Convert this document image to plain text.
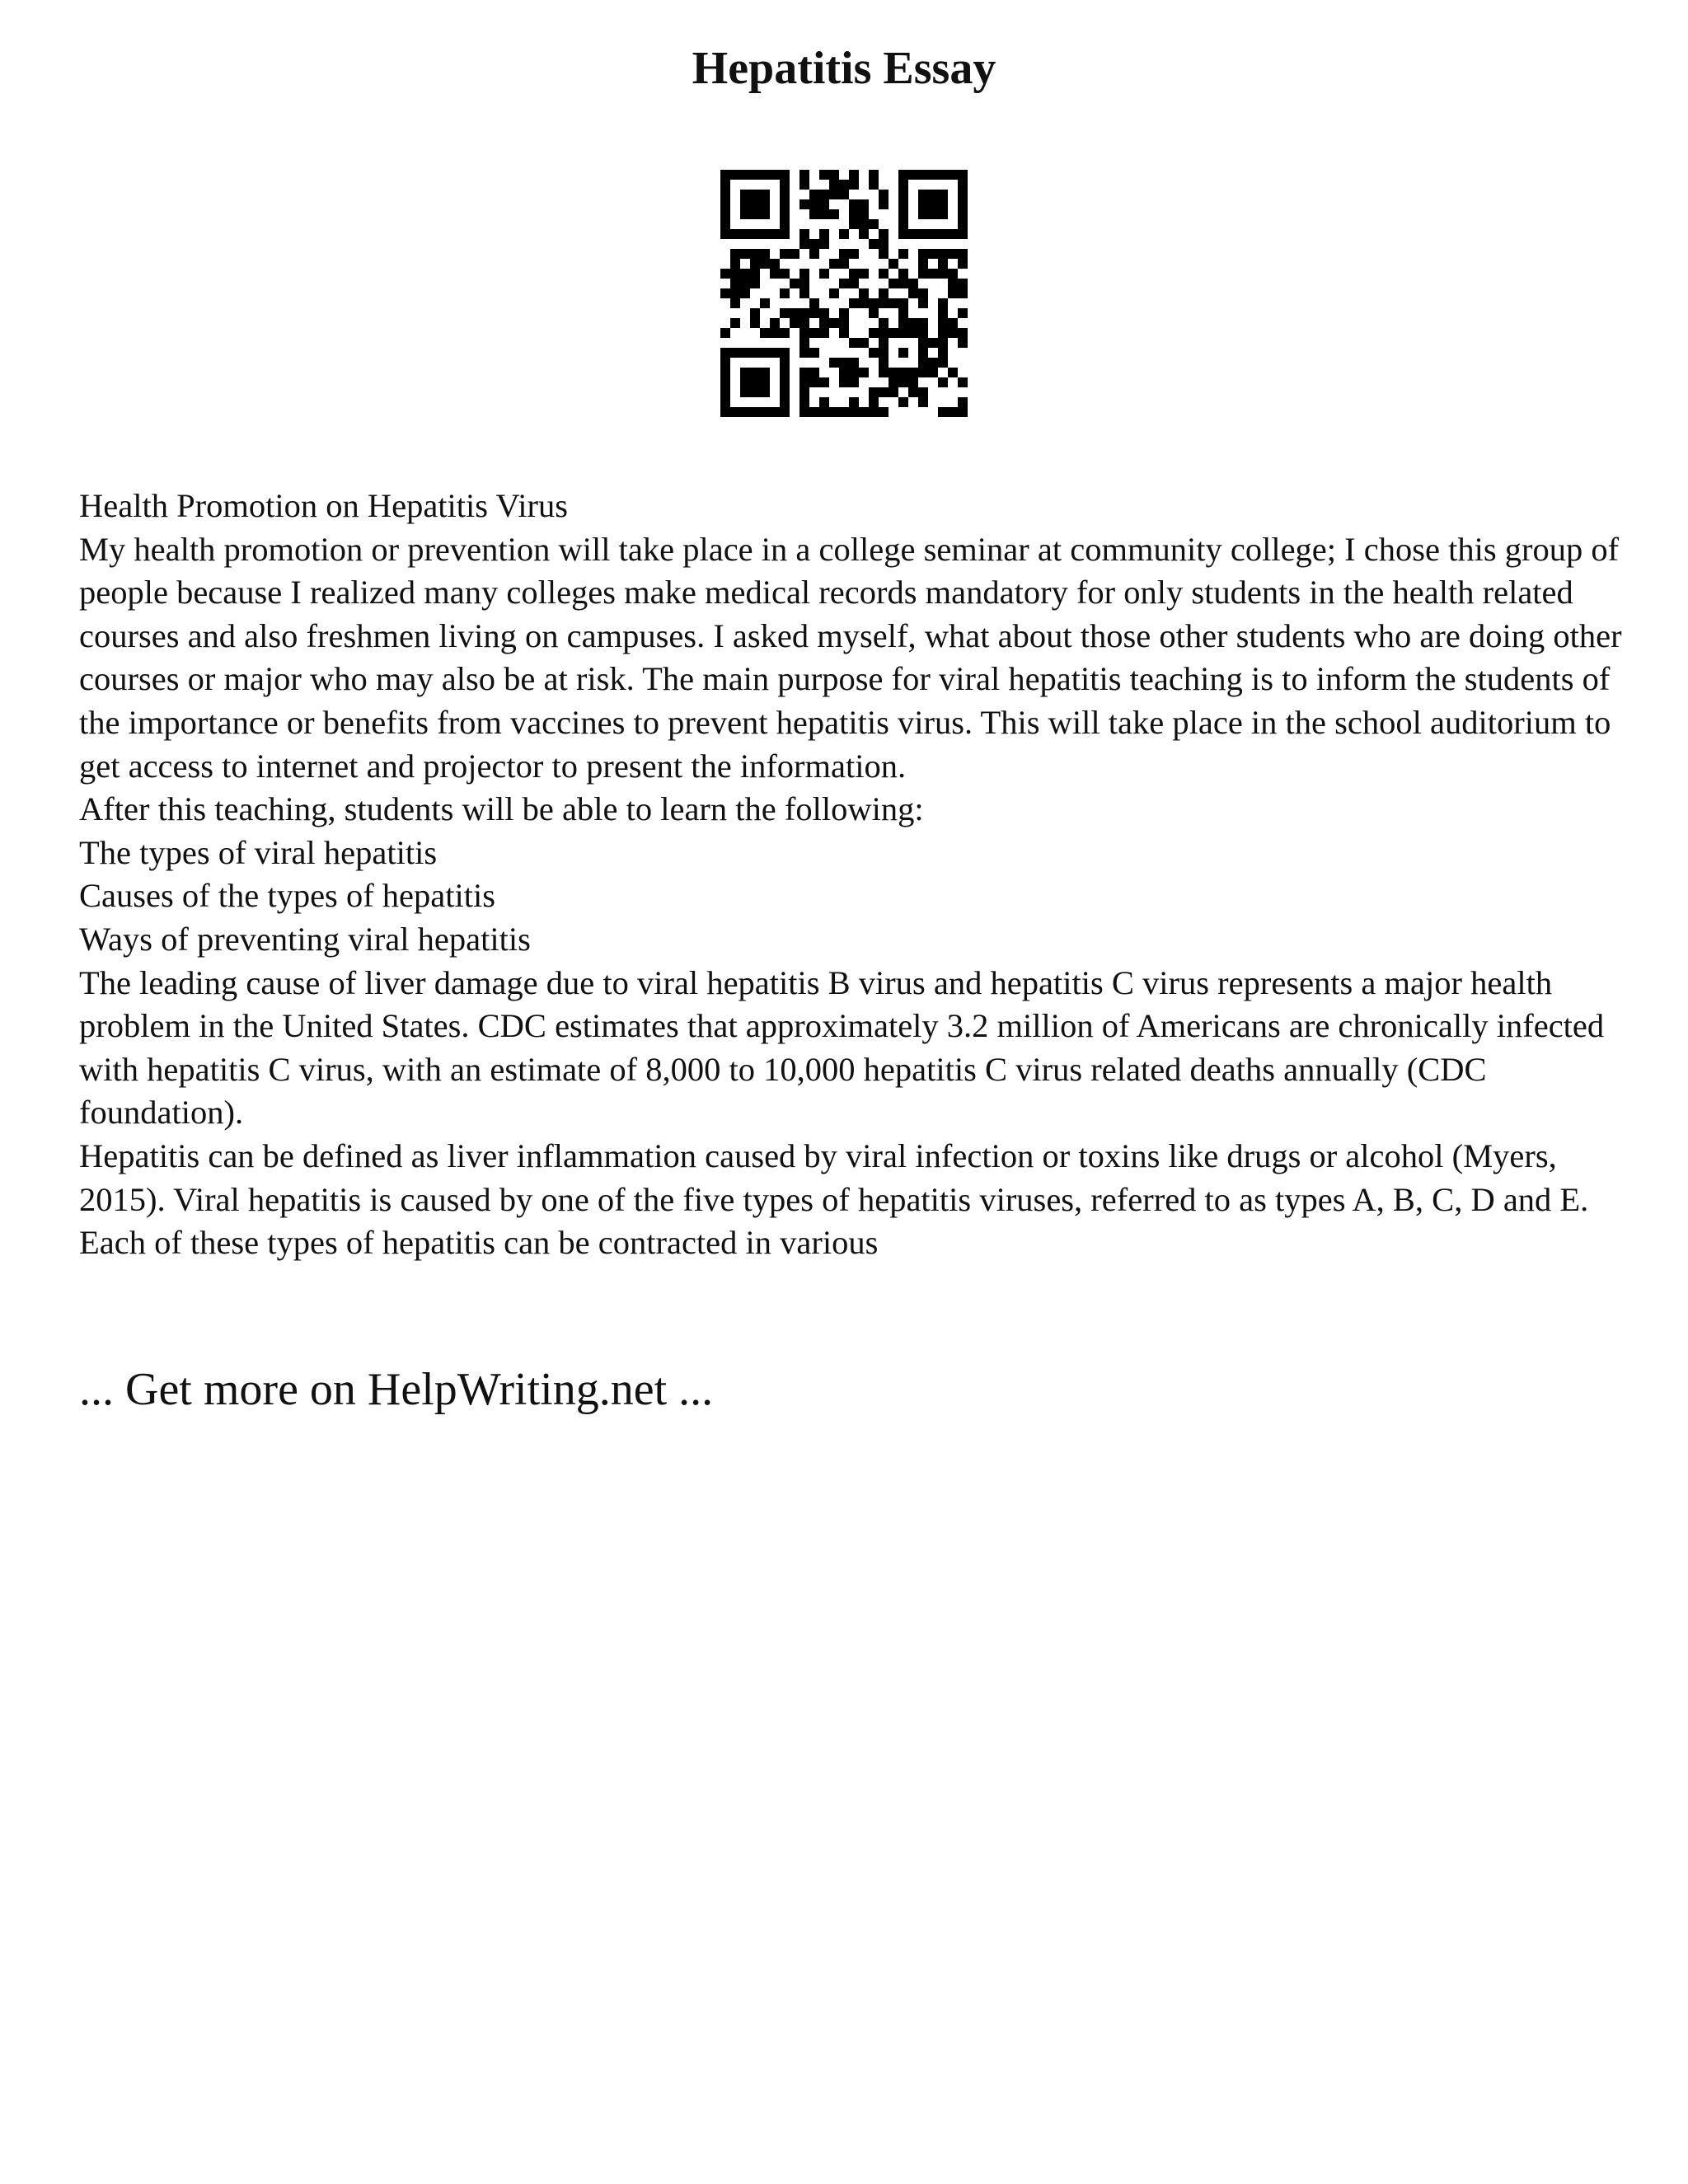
Hepatitis Essay

Health Promotion on Hepatitis Virus

My health promotion or prevention will take place in a college seminar at community college; I chose this group of people because I realized many colleges make medical records mandatory for only students in the health related courses and also freshmen living on campuses. I asked myself, what about those other students who are doing other courses or major who may also be at risk. The main purpose for viral hepatitis teaching is to inform the students of the importance or benefits from vaccines to prevent hepatitis virus. This will take place in the school auditorium to get access to internet and projector to present the information.

After this teaching, students will be able to learn the following:

The types of viral hepatitis

Causes of the types of hepatitis

Ways of preventing viral hepatitis

The leading cause of liver damage due to viral hepatitis B virus and hepatitis C virus represents a major health problem in the United States. CDC estimates that approximately 3.2 million of Americans are chronically infected with hepatitis C virus, with an estimate of 8,000 to 10,000 hepatitis C virus related deaths annually (CDC foundation).

Hepatitis can be defined as liver inflammation caused by viral infection or toxins like drugs or alcohol (Myers, 2015). Viral hepatitis is caused by one of the five types of hepatitis viruses, referred to as types A, B, C, D and E. Each of these types of hepatitis can be contracted in various

... Get more on HelpWriting.net ...
